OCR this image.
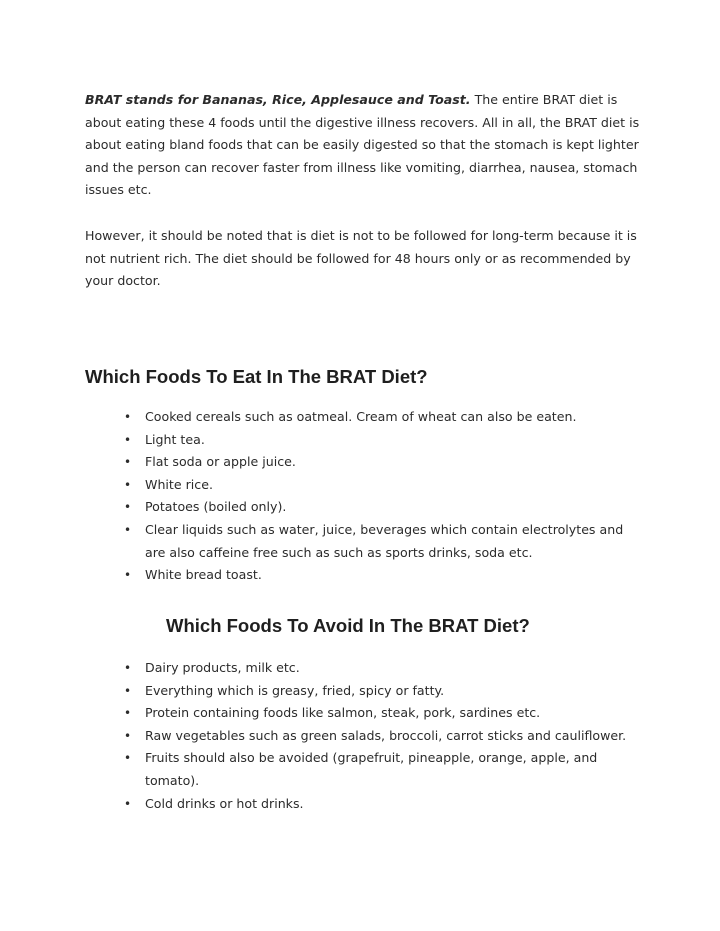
BRAT stands for Bananas, Rice, Applesauce and Toast. The entire BRAT diet is about eating these 4 foods until the digestive illness recovers. All in all, the BRAT diet is about eating bland foods that can be easily digested so that the stomach is kept lighter and the person can recover faster from illness like vomiting, diarrhea, nausea, stomach issues etc.

However, it should be noted that is diet is not to be followed for long-term because it is not nutrient rich. The diet should be followed for 48 hours only or as recommended by your doctor.

Which Foods To Eat In The BRAT Diet?
• Cooked cereals such as oatmeal. Cream of wheat can also be eaten.
• Light tea.
• Flat soda or apple juice.
• White rice.
• Potatoes (boiled only).
• Clear liquids such as water, juice, beverages which contain electrolytes and are also caffeine free such as such as sports drinks, soda etc.
• White bread toast.
Which Foods To Avoid In The BRAT Diet?
• Dairy products, milk etc.
• Everything which is greasy, fried, spicy or fatty.
• Protein containing foods like salmon, steak, pork, sardines etc.
• Raw vegetables such as green salads, broccoli, carrot sticks and cauliflower.
• Fruits should also be avoided (grapefruit, pineapple, orange, apple, and tomato).
• Cold drinks or hot drinks.
